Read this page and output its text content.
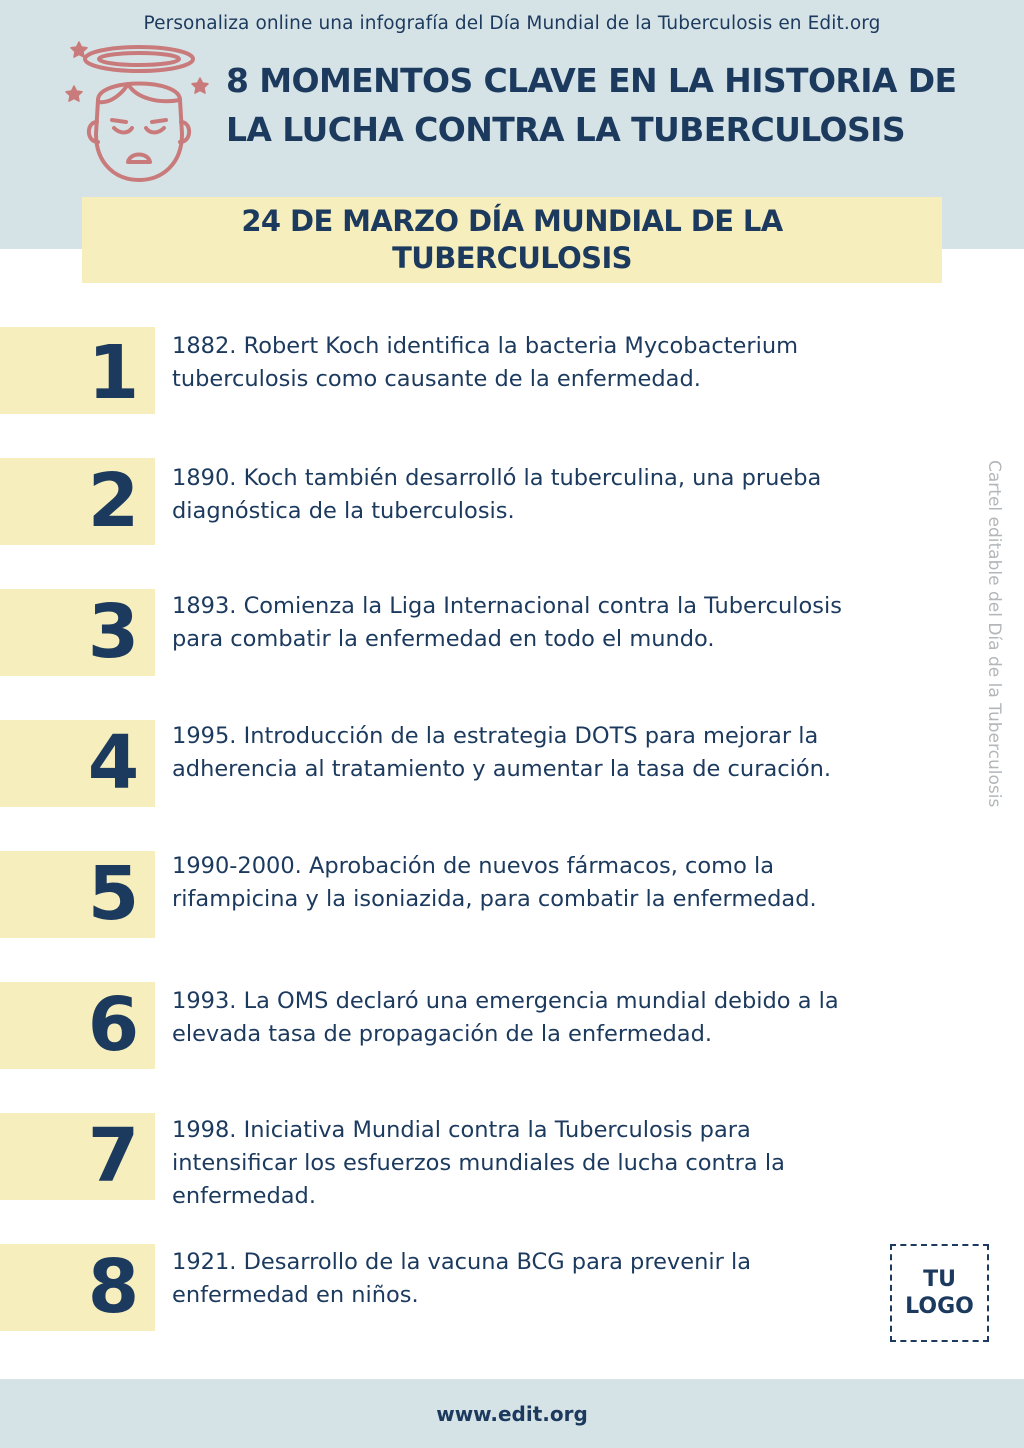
Personaliza online una infografía del Día Mundial de la Tuberculosis en Edit.org
8 MOMENTOS CLAVE EN LA HISTORIA DE LA LUCHA CONTRA LA TUBERCULOSIS
24 DE MARZO DÍA MUNDIAL DE LA TUBERCULOSIS
1	1882. Robert Koch identifica la bacteria Mycobacterium tuberculosis como causante de la enfermedad.
2	1890. Koch también desarrolló la tuberculina, una prueba diagnóstica de la tuberculosis.
3	1893. Comienza la Liga Internacional contra la Tuberculosis para combatir la enfermedad en todo el mundo.
4	1995. Introducción de la estrategia DOTS para mejorar la adherencia al tratamiento y aumentar la tasa de curación.
5	1990-2000. Aprobación de nuevos fármacos, como la rifampicina y la isoniazida, para combatir la enfermedad.
6	1993. La OMS declaró una emergencia mundial debido a la elevada tasa de propagación de la enfermedad.
7	1998. Iniciativa Mundial contra la Tuberculosis para intensificar los esfuerzos mundiales de lucha contra la enfermedad.
8	1921. Desarrollo de la vacuna BCG para prevenir la enfermedad en niños.
Cartel editable del Día de la Tuberculosis
TU
LOGO
www.edit.org
